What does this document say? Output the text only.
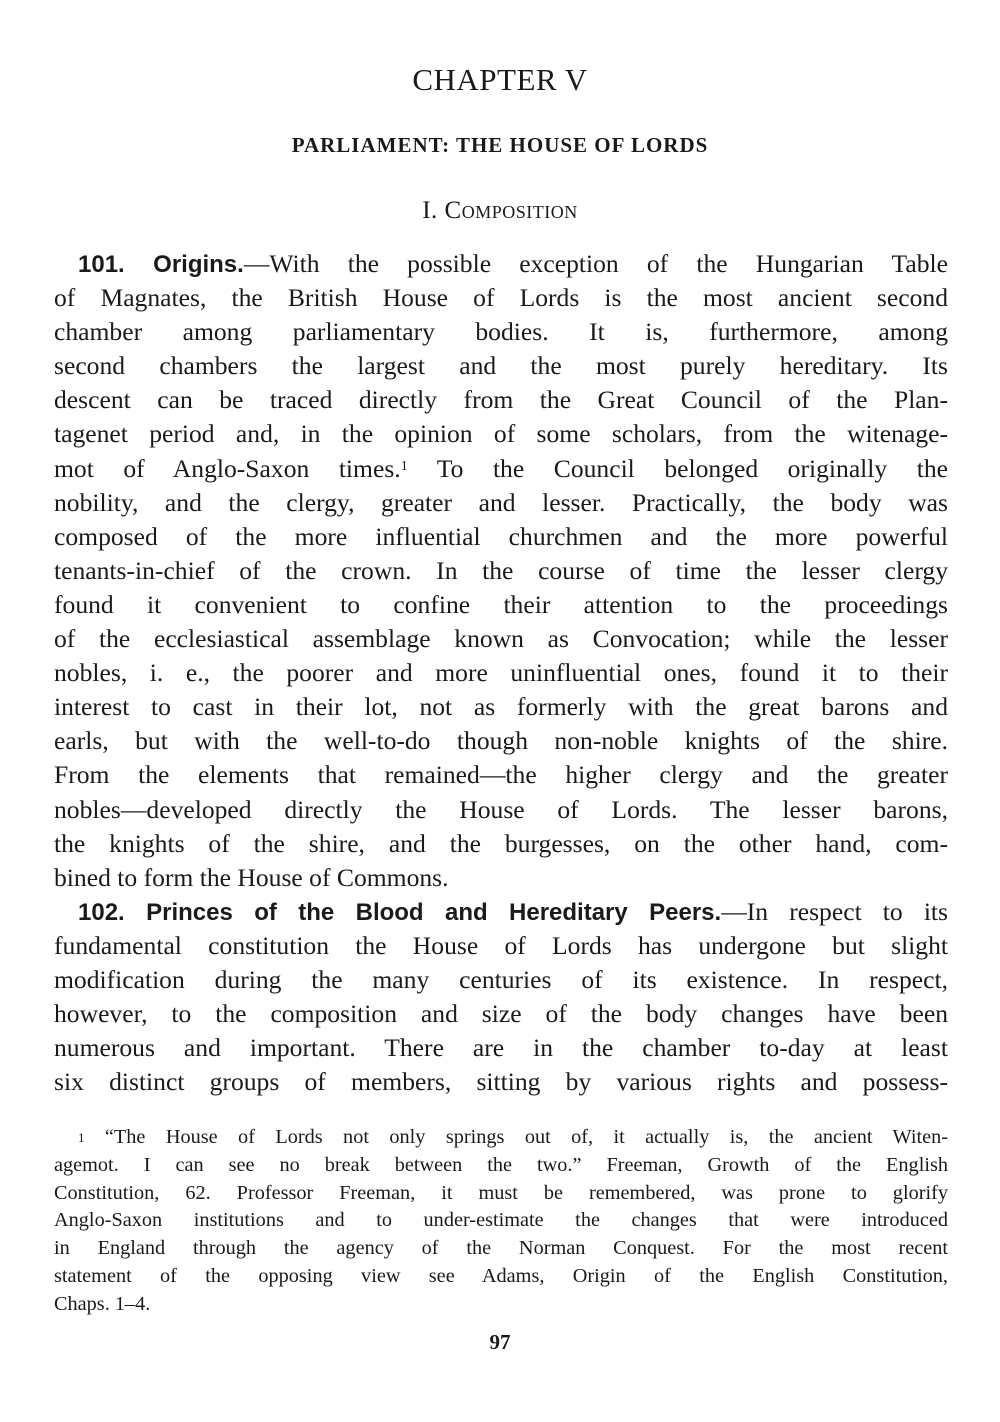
CHAPTER V
PARLIAMENT: THE HOUSE OF LORDS
I. Composition
101. Origins.—With the possible exception of the Hungarian Table
of Magnates, the British House of Lords is the most ancient second
chamber among parliamentary bodies. It is, furthermore, among
second chambers the largest and the most purely hereditary. Its
descent can be traced directly from the Great Council of the Plan-
tagenet period and, in the opinion of some scholars, from the witenage-
mot of Anglo-Saxon times.$^1$ To the Council belonged originally the
nobility, and the clergy, greater and lesser. Practically, the body was
composed of the more influential churchmen and the more powerful
tenants-in-chief of the crown. In the course of time the lesser clergy
found it convenient to confine their attention to the proceedings
of the ecclesiastical assemblage known as Convocation; while the lesser
nobles, i. e., the poorer and more uninfluential ones, found it to their
interest to cast in their lot, not as formerly with the great barons and
earls, but with the well-to-do though non-noble knights of the shire.
From the elements that remained—the higher clergy and the greater
nobles—developed directly the House of Lords. The lesser barons,
the knights of the shire, and the burgesses, on the other hand, com-
bined to form the House of Commons.
102. Princes of the Blood and Hereditary Peers.—In respect to its
fundamental constitution the House of Lords has undergone but slight
modification during the many centuries of its existence. In respect,
however, to the composition and size of the body changes have been
numerous and important. There are in the chamber to-day at least
six distinct groups of members, sitting by various rights and possess-
$^1$ “The House of Lords not only springs out of, it actually is, the ancient Witen-
agemot. I can see no break between the two.” Freeman, Growth of the English
Constitution, 62. Professor Freeman, it must be remembered, was prone to glorify
Anglo-Saxon institutions and to under-estimate the changes that were introduced
in England through the agency of the Norman Conquest. For the most recent
statement of the opposing view see Adams, Origin of the English Constitution,
Chaps. 1–4.
97
